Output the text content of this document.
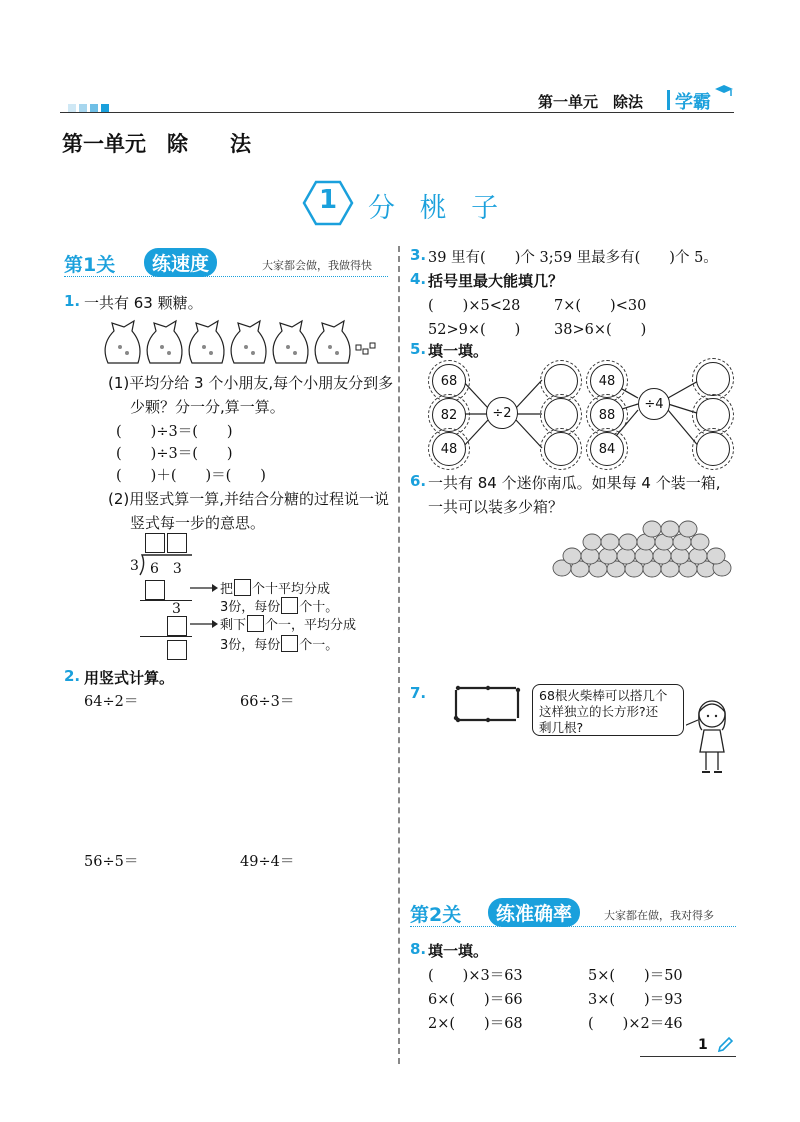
第一单元　除法 学霸
第一单元　除　　法
1	分 桃 子
第1关	练速度	大家都会做，我做得快
1. 一共有 63 颗糖。
(1)平均分给 3 个小朋友,每个小朋友分到多
少颗？分一分,算一算。
(　　)÷3＝(　　)
(　　)÷3＝(　　)
(　　)＋(　　)＝(　　)
(2)用竖式算一算,并结合分糖的过程说一说
竖式每一步的意思。
3 6　3
3
把 个十平均分成
3份，每份 个十。
剩下 个一，平均分成
3份，每份 个一。
2. 用竖式计算。
64÷2＝	66÷3＝
56÷5＝	49÷4＝
3. 39 里有(　　)个 3;59 里最多有(　　)个 5。
4. 括号里最大能填几？
(　　)×5<28 7×(　　)<30
52>9×(　　) 38>6×(　　)
5. 填一填。
68
82
48
÷2
48
88
84
÷4
6. 一共有 84 个迷你南瓜。如果每 4 个装一箱,
一共可以装多少箱？
7.	68根火柴棒可以搭几个
这样独立的长方形?还
剩几根?
第2关	练准确率	大家都在做，我对得多
8. 填一填。
(　　)×3＝63	5×(　　)＝50
6×(　　)＝66	3×(　　)＝93
2×(　　)＝68	(　　)×2＝46
1
